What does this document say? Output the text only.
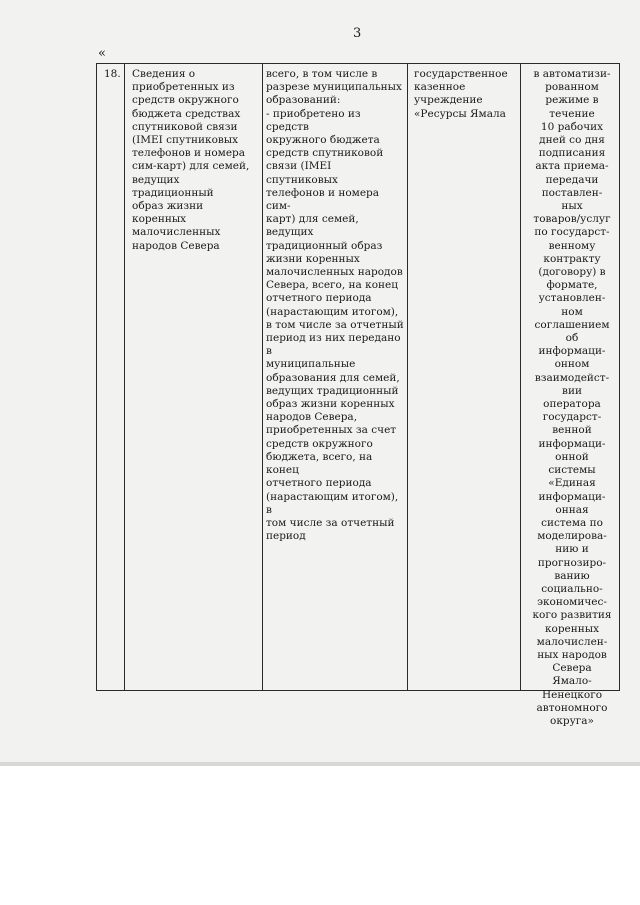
3
«
18.	Сведения о
приобретенных из
средств окружного
бюджета средствах
спутниковой связи
(IMEI спутниковых
телефонов и номера
сим-карт) для семей,
ведущих традиционный
образ жизни коренных
малочисленных
народов Севера
всего, в том числе в
разрезе муниципальных
образований:
- приобретено из средств
окружного бюджета
средств спутниковой
связи (IMEI спутниковых
телефонов и номера сим-
карт) для семей, ведущих
традиционный образ
жизни коренных
малочисленных народов
Севера, всего, на конец
отчетного периода
(нарастающим итогом),
в том числе за отчетный
период из них передано в
муниципальные
образования для семей,
ведущих традиционный
образ жизни коренных
народов Севера,
приобретенных за счет
средств окружного
бюджета, всего, на конец
отчетного периода
(нарастающим итогом), в
том числе за отчетный
период
государственное
казенное
учреждение
«Ресурсы Ямала
в автоматизи-
рованном
режиме в
течение
10 рабочих
дней со дня
подписания
акта приема-
передачи
поставлен-
ных
товаров/услуг
по государст-
венному
контракту
(договору) в
формате,
установлен-
ном
соглашением
об
информаци-
онном
взаимодейст-
вии
оператора
государст-
венной
информаци-
онной
системы
«Единая
информаци-
онная
система по
моделирова-
нию и
прогнозиро-
ванию
социально-
экономичес-
кого развития
коренных
малочислен-
ных народов
Севера
Ямало-
Ненецкого
автономного
округа»
